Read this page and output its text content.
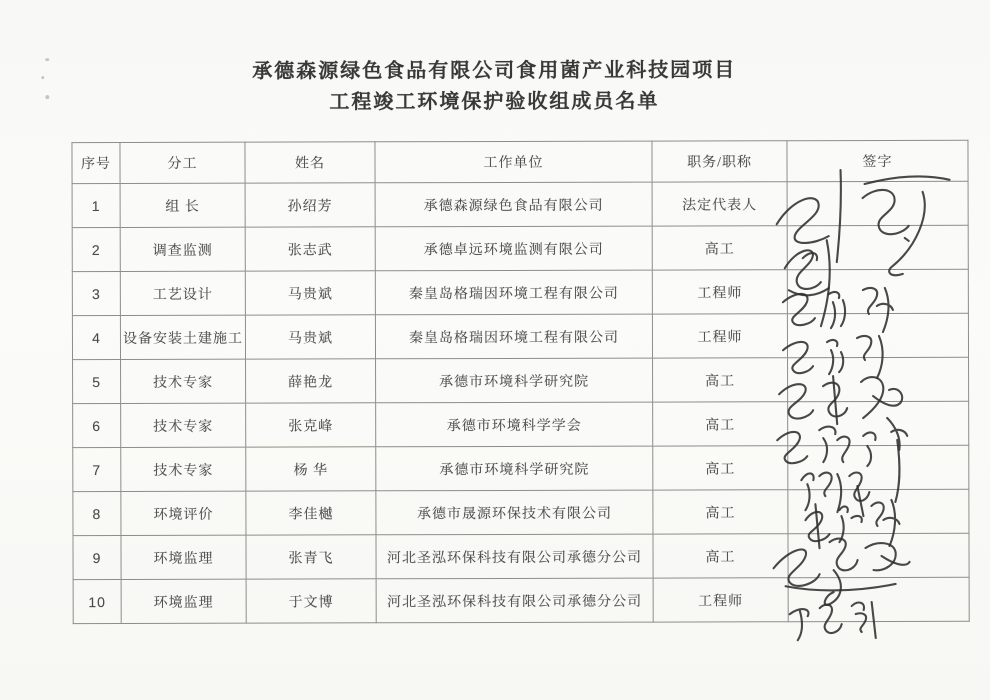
承德森源绿色食品有限公司食用菌产业科技园项目
工程竣工环境保护验收组成员名单
序号	分工	姓名	工作单位	职务/职称	签字
1	组 长	孙绍芳	承德森源绿色食品有限公司	法定代表人	
2	调查监测	张志武	承德卓远环境监测有限公司	高工	
3	工艺设计	马贵斌	秦皇岛格瑞因环境工程有限公司	工程师	
4	设备安装土建施工	马贵斌	秦皇岛格瑞因环境工程有限公司	工程师	
5	技术专家	薛艳龙	承德市环境科学研究院	高工	
6	技术专家	张克峰	承德市环境科学学会	高工	
7	技术专家	杨 华	承德市环境科学研究院	高工	
8	环境评价	李佳樾	承德市晟源环保技术有限公司	高工	
9	环境监理	张青飞	河北圣泓环保科技有限公司承德分公司	高工	
10	环境监理	于文博	河北圣泓环保科技有限公司承德分公司	工程师	
